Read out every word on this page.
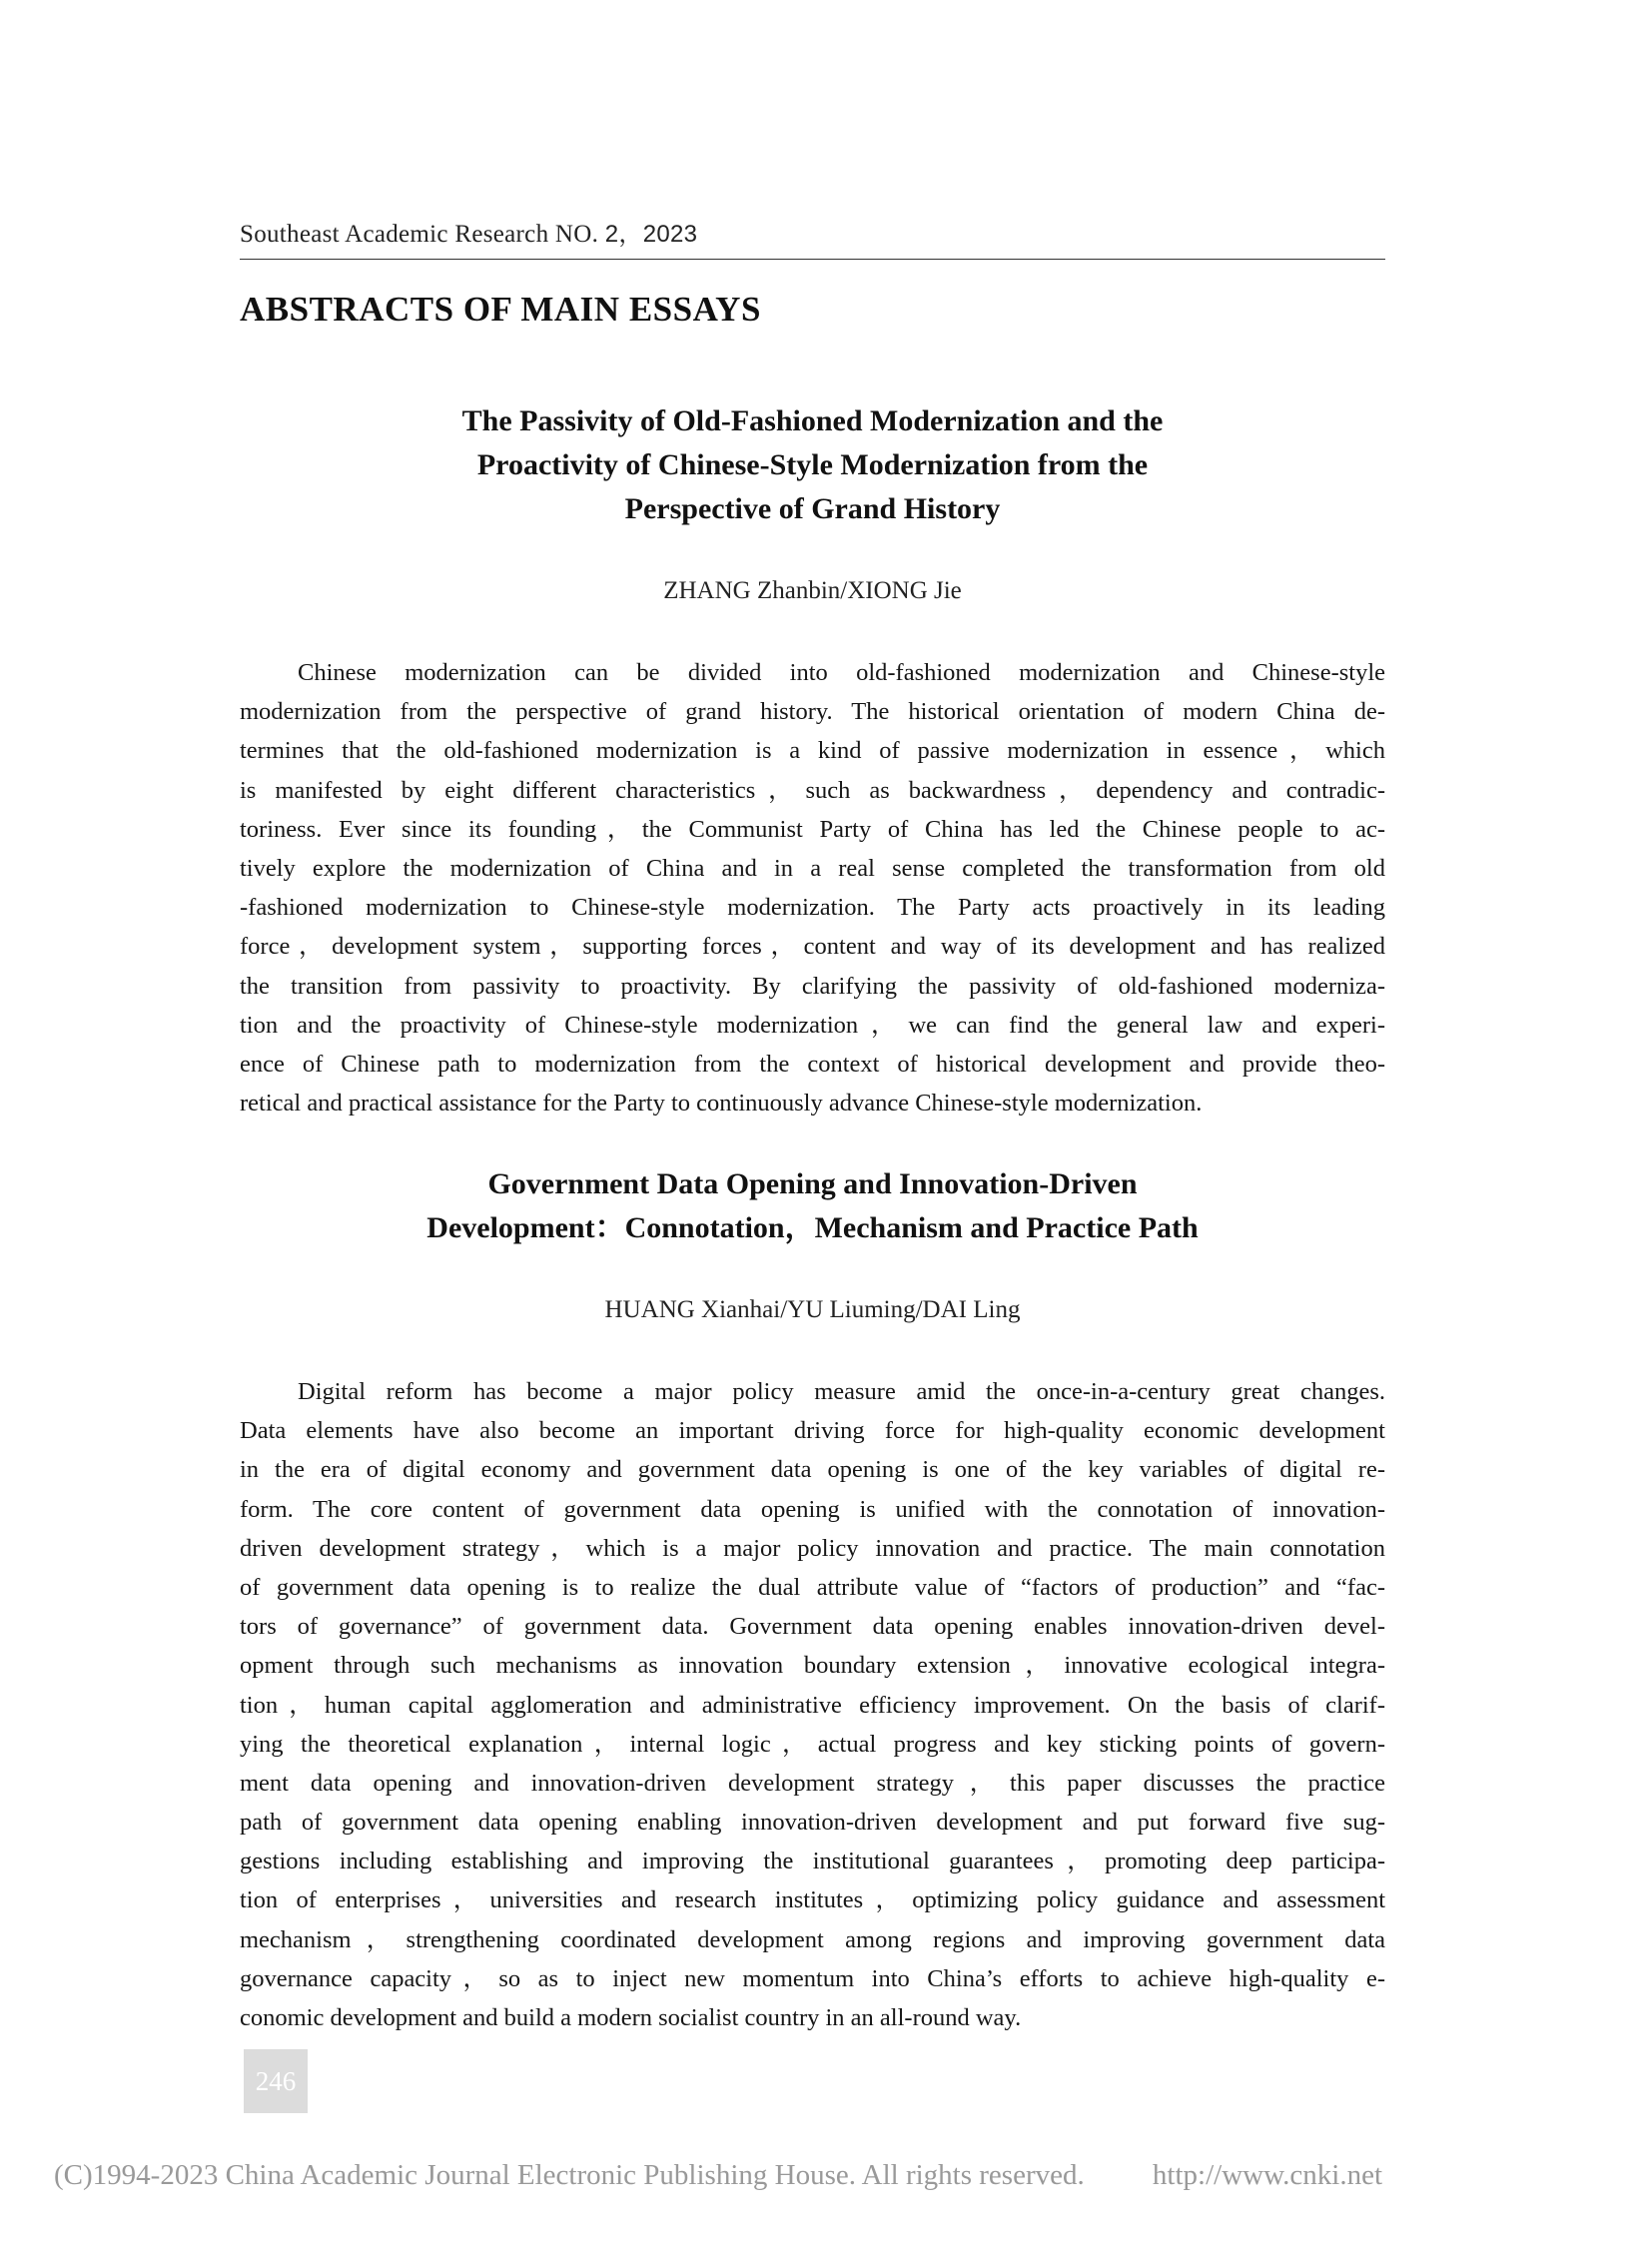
Southeast Academic Research NO. 2，2023
ABSTRACTS OF MAIN ESSAYS
The Passivity of Old-Fashioned Modernization and the
Proactivity of Chinese-Style Modernization from the
Perspective of Grand History
ZHANG Zhanbin/XIONG Jie
Chinese modernization can be divided into old-fashioned modernization and Chinese-style
modernization from the perspective of grand history. The historical orientation of modern China de-
termines that the old-fashioned modernization is a kind of passive modernization in essence，which
is manifested by eight different characteristics，such as backwardness，dependency and contradic-
toriness. Ever since its founding，the Communist Party of China has led the Chinese people to ac-
tively explore the modernization of China and in a real sense completed the transformation from old
-fashioned modernization to Chinese-style modernization. The Party acts proactively in its leading
force，development system，supporting forces，content and way of its development and has realized
the transition from passivity to proactivity. By clarifying the passivity of old-fashioned moderniza-
tion and the proactivity of Chinese-style modernization，we can find the general law and experi-
ence of Chinese path to modernization from the context of historical development and provide theo-
retical and practical assistance for the Party to continuously advance Chinese-style modernization.
Government Data Opening and Innovation-Driven
Development：Connotation，Mechanism and Practice Path
HUANG Xianhai/YU Liuming/DAI Ling
Digital reform has become a major policy measure amid the once-in-a-century great changes.
Data elements have also become an important driving force for high-quality economic development
in the era of digital economy and government data opening is one of the key variables of digital re-
form. The core content of government data opening is unified with the connotation of innovation-
driven development strategy，which is a major policy innovation and practice. The main connotation
of government data opening is to realize the dual attribute value of “factors of production” and “fac-
tors of governance” of government data. Government data opening enables innovation-driven devel-
opment through such mechanisms as innovation boundary extension，innovative ecological integra-
tion，human capital agglomeration and administrative efficiency improvement. On the basis of clarif-
ying the theoretical explanation，internal logic，actual progress and key sticking points of govern-
ment data opening and innovation-driven development strategy，this paper discusses the practice
path of government data opening enabling innovation-driven development and put forward five sug-
gestions including establishing and improving the institutional guarantees，promoting deep participa-
tion of enterprises，universities and research institutes，optimizing policy guidance and assessment
mechanism，strengthening coordinated development among regions and improving government data
governance capacity，so as to inject new momentum into China’s efforts to achieve high-quality e-
conomic development and build a modern socialist country in an all-round way.
246
(C)1994-2023 China Academic Journal Electronic Publishing House. All rights reserved. http://www.cnki.net
